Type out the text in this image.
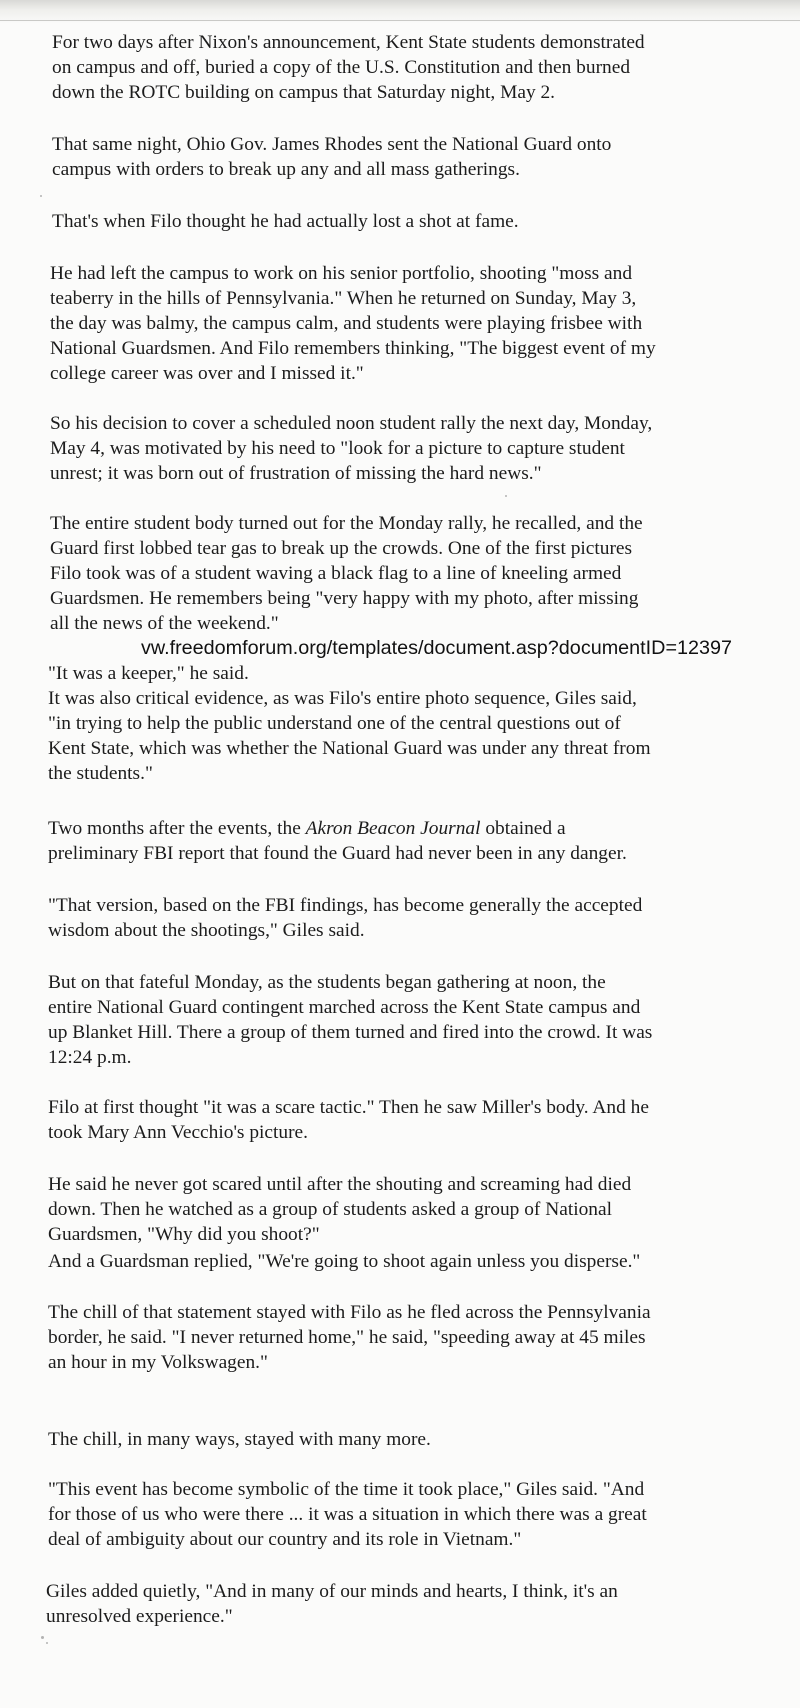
For two days after Nixon's announcement, Kent State students demonstrated
on campus and off, buried a copy of the U.S. Constitution and then burned
down the ROTC building on campus that Saturday night, May 2.

That same night, Ohio Gov. James Rhodes sent the National Guard onto
campus with orders to break up any and all mass gatherings.

That's when Filo thought he had actually lost a shot at fame.

He had left the campus to work on his senior portfolio, shooting "moss and
teaberry in the hills of Pennsylvania." When he returned on Sunday, May 3,
the day was balmy, the campus calm, and students were playing frisbee with
National Guardsmen. And Filo remembers thinking, "The biggest event of my
college career was over and I missed it."

So his decision to cover a scheduled noon student rally the next day, Monday,
May 4, was motivated by his need to "look for a picture to capture student
unrest; it was born out of frustration of missing the hard news."

The entire student body turned out for the Monday rally, he recalled, and the
Guard first lobbed tear gas to break up the crowds. One of the first pictures
Filo took was of a student waving a black flag to a line of kneeling armed
Guardsmen. He remembers being "very happy with my photo, after missing
all the news of the weekend."

vw.freedomforum.org/templates/document.asp?documentID=12397

"It was a keeper," he said.

It was also critical evidence, as was Filo's entire photo sequence, Giles said,
"in trying to help the public understand one of the central questions out of
Kent State, which was whether the National Guard was under any threat from
the students."

Two months after the events, the Akron Beacon Journal obtained a
preliminary FBI report that found the Guard had never been in any danger.

"That version, based on the FBI findings, has become generally the accepted
wisdom about the shootings," Giles said.

But on that fateful Monday, as the students began gathering at noon, the
entire National Guard contingent marched across the Kent State campus and
up Blanket Hill. There a group of them turned and fired into the crowd. It was
12:24 p.m.

Filo at first thought "it was a scare tactic." Then he saw Miller's body. And he
took Mary Ann Vecchio's picture.

He said he never got scared until after the shouting and screaming had died
down. Then he watched as a group of students asked a group of National
Guardsmen, "Why did you shoot?"

And a Guardsman replied, "We're going to shoot again unless you disperse."

The chill of that statement stayed with Filo as he fled across the Pennsylvania
border, he said. "I never returned home," he said, "speeding away at 45 miles
an hour in my Volkswagen."

The chill, in many ways, stayed with many more.

"This event has become symbolic of the time it took place," Giles said. "And
for those of us who were there ... it was a situation in which there was a great
deal of ambiguity about our country and its role in Vietnam."

Giles added quietly, "And in many of our minds and hearts, I think, it's an
unresolved experience."
